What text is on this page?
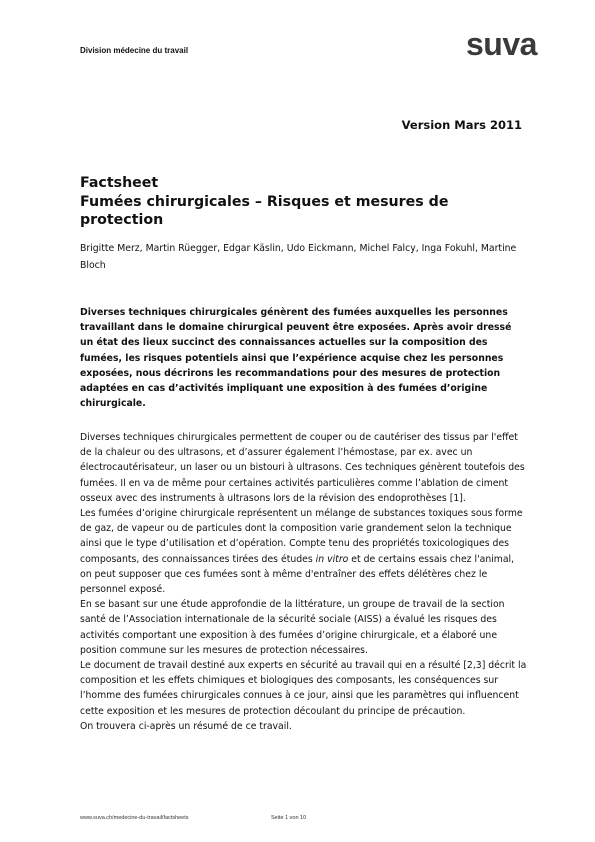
Division médecine du travail	suva
Version Mars 2011

Factsheet

Fumées chirurgicales – Risques et mesures de

protection

Brigitte Merz, Martin Rüegger, Edgar Käslin, Udo Eickmann, Michel Falcy, Inga Fokuhl, Martine Bloch

Diverses techniques chirurgicales génèrent des fumées auxquelles les personnes travaillant dans le domaine chirurgical peuvent être exposées. Après avoir dressé un état des lieux succinct des connaissances actuelles sur la composition des fumées, les risques potentiels ainsi que l’expérience acquise chez les personnes exposées, nous décrirons les recommandations pour des mesures de protection adaptées en cas d’activités impliquant une exposition à des fumées d’origine chirurgicale.

Diverses techniques chirurgicales permettent de couper ou de cautériser des tissus par l'effet de la chaleur ou des ultrasons, et d’assurer également l’hémostase, par ex. avec un électrocautérisateur, un laser ou un bistouri à ultrasons. Ces techniques génèrent toutefois des fumées. Il en va de même pour certaines activités particulières comme l’ablation de ciment osseux avec des instruments à ultrasons lors de la révision des endoprothèses [1].

Les fumées d’origine chirurgicale représentent un mélange de substances toxiques sous forme de gaz, de vapeur ou de particules dont la composition varie grandement selon la technique ainsi que le type d’utilisation et d’opération. Compte tenu des propriétés toxicologiques des composants, des connaissances tirées des études in vitro et de certains essais chez l'animal, on peut supposer que ces fumées sont à même d'entraîner des effets délétères chez le personnel exposé.

En se basant sur une étude approfondie de la littérature, un groupe de travail de la section santé de l’Association internationale de la sécurité sociale (AISS) a évalué les risques des activités comportant une exposition à des fumées d’origine chirurgicale, et a élaboré une position commune sur les mesures de protection nécessaires.

Le document de travail destiné aux experts en sécurité au travail qui en a résulté [2,3] décrit la composition et les effets chimiques et biologiques des composants, les conséquences sur l’homme des fumées chirurgicales connues à ce jour, ainsi que les paramètres qui influencent cette exposition et les mesures de protection découlant du principe de précaution.

On trouvera ci-après un résumé de ce travail.

www.suva.ch/medecine-du-travail/factsheets	Seite 1 von 10
